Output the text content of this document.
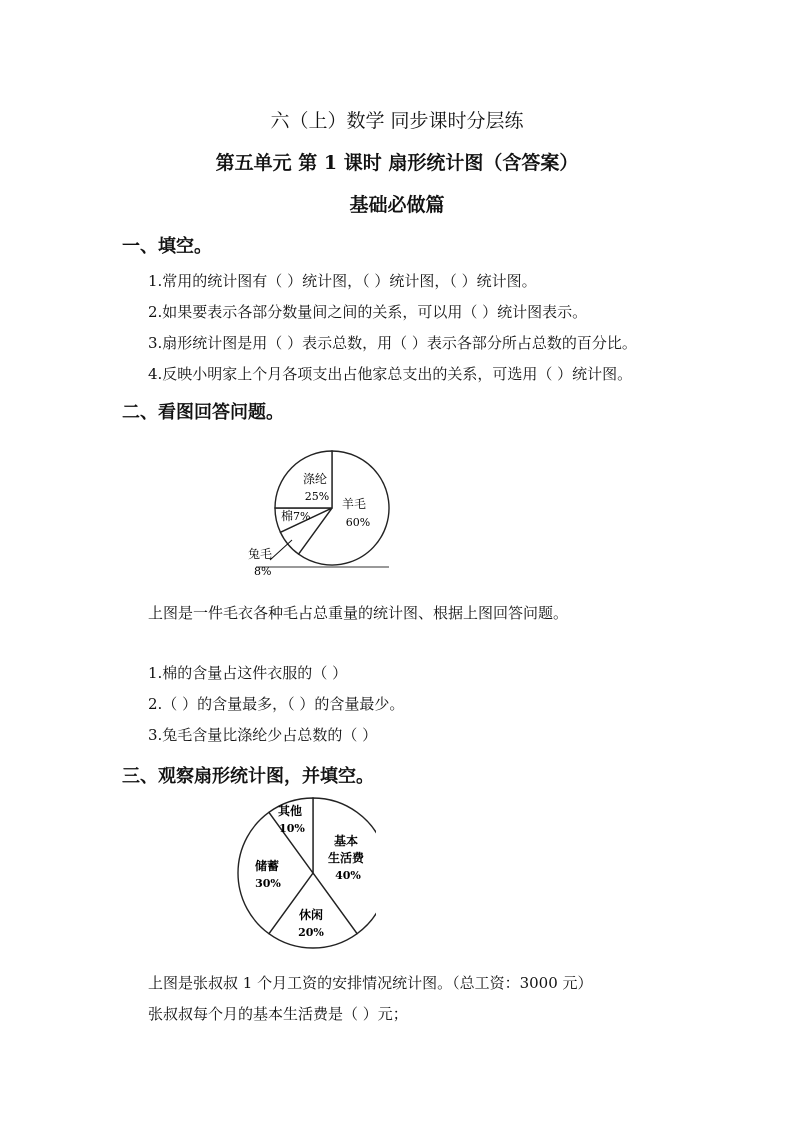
六（上）数学 同步课时分层练
第五单元 第 1 课时 扇形统计图（含答案）
基础必做篇
一、填空。
1.常用的统计图有（ ）统计图，（ ）统计图，（ ）统计图。
2.如果要表示各部分数量间之间的关系，可以用（ ）统计图表示。
3.扇形统计图是用（ ）表示总数，用（ ）表示各部分所占总数的百分比。
4.反映小明家上个月各项支出占他家总支出的关系，可选用（ ）统计图。
二、看图回答问题。
涤纶
25%
羊毛
60%
棉7%
兔毛
8%
上图是一件毛衣各种毛占总重量的统计图、根据上图回答问题。
1.棉的含量占这件衣服的（ ）
2.（ ）的含量最多，（ ）的含量最少。
3.兔毛含量比涤纶少占总数的（ ）
三、观察扇形统计图，并填空。
其他
10%
基本
生活费
40%
储蓄
30%
休闲
20%
上图是张叔叔 1 个月工资的安排情况统计图。（总工资：3000 元）
张叔叔每个月的基本生活费是（ ）元；
